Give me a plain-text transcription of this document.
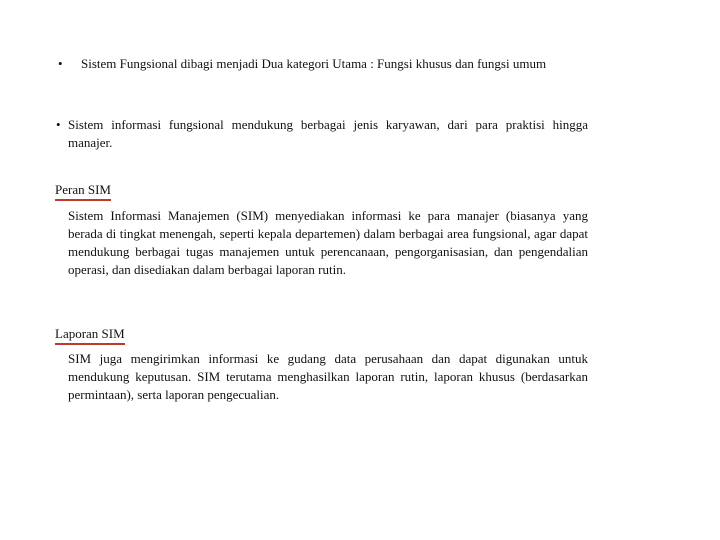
• Sistem Fungsional dibagi menjadi Dua kategori Utama : Fungsi khusus dan fungsi umum
• Sistem informasi fungsional mendukung berbagai jenis karyawan, dari para praktisi hingga manajer.
Peran SIM
Sistem Informasi Manajemen (SIM) menyediakan informasi ke para manajer (biasanya yang berada di tingkat menengah, seperti kepala departemen) dalam berbagai area fungsional, agar dapat mendukung berbagai tugas manajemen untuk perencanaan, pengorganisasian, dan pengendalian operasi, dan disediakan dalam berbagai laporan rutin.
Laporan SIM
SIM juga mengirimkan informasi ke gudang data perusahaan dan dapat digunakan untuk mendukung keputusan. SIM terutama menghasilkan laporan rutin, laporan khusus (berdasarkan permintaan), serta laporan pengecualian.
